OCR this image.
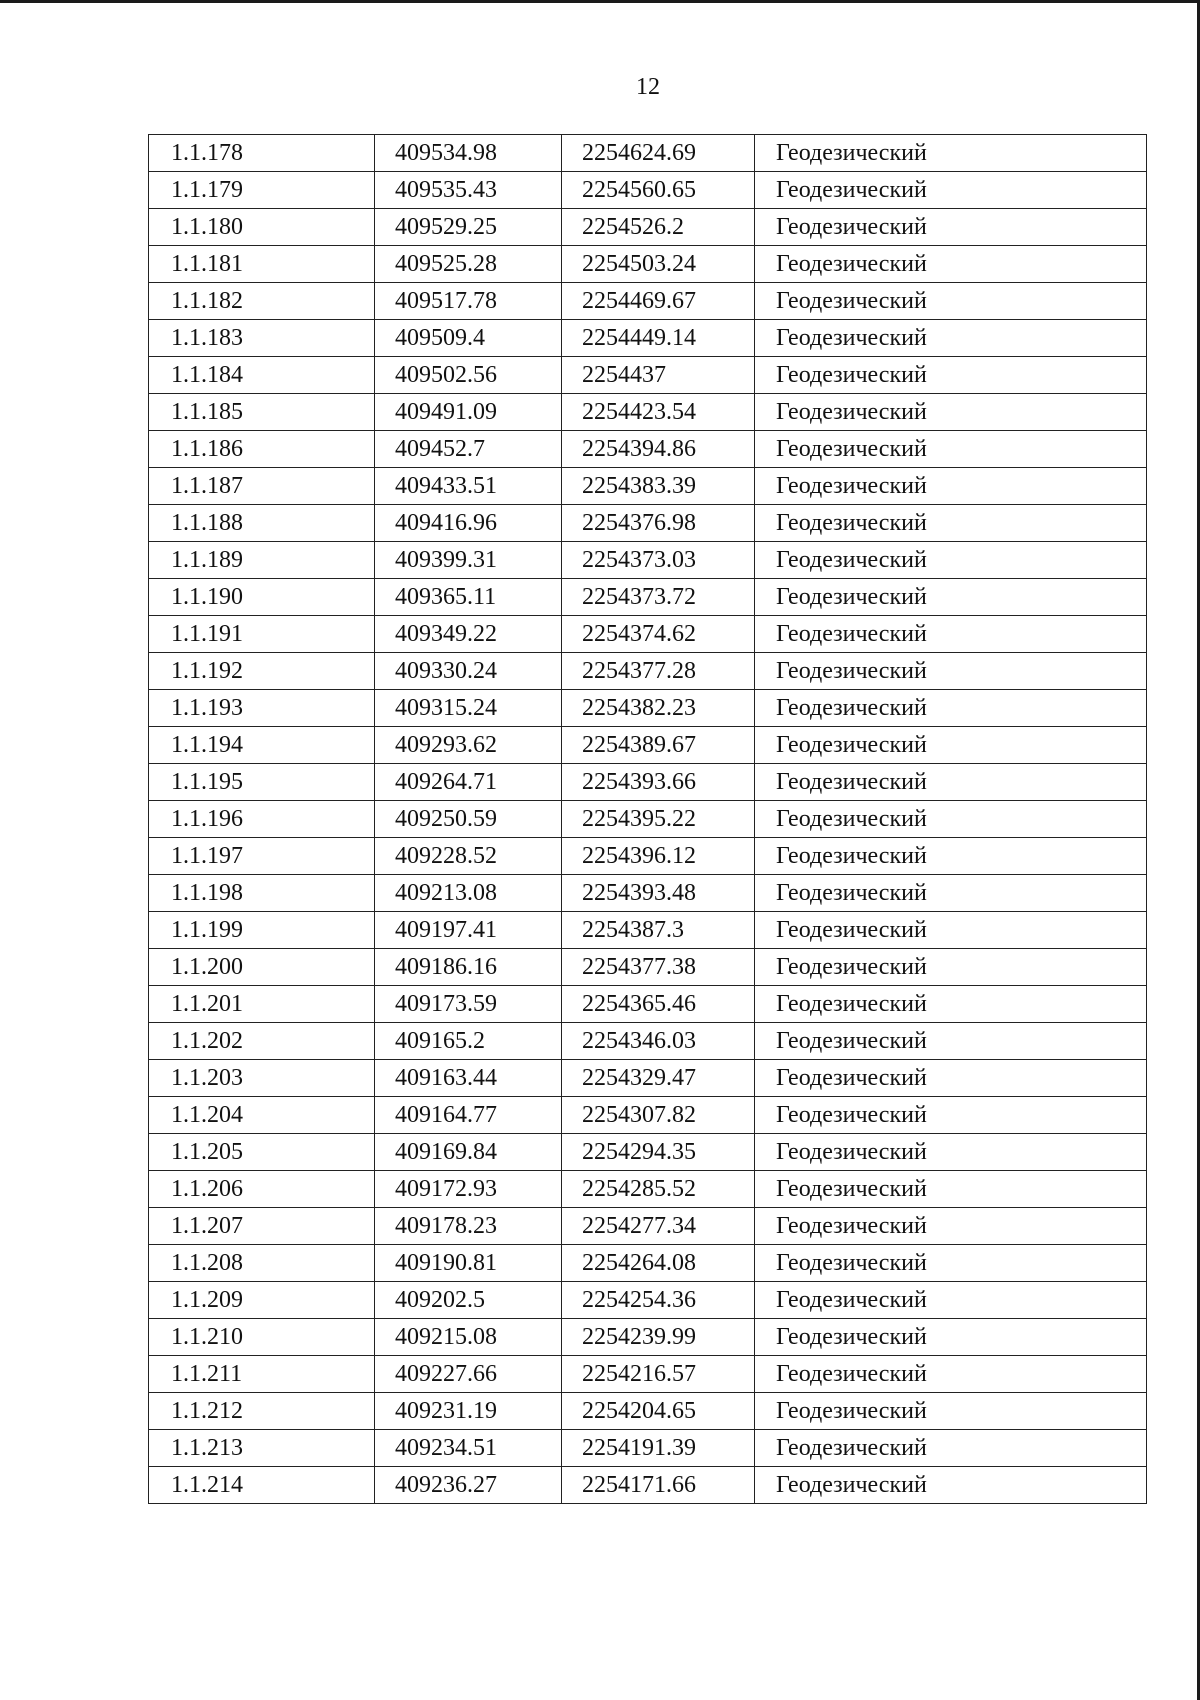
12
1.1.178	409534.98	2254624.69	Геодезический
1.1.179	409535.43	2254560.65	Геодезический
1.1.180	409529.25	2254526.2	Геодезический
1.1.181	409525.28	2254503.24	Геодезический
1.1.182	409517.78	2254469.67	Геодезический
1.1.183	409509.4	2254449.14	Геодезический
1.1.184	409502.56	2254437	Геодезический
1.1.185	409491.09	2254423.54	Геодезический
1.1.186	409452.7	2254394.86	Геодезический
1.1.187	409433.51	2254383.39	Геодезический
1.1.188	409416.96	2254376.98	Геодезический
1.1.189	409399.31	2254373.03	Геодезический
1.1.190	409365.11	2254373.72	Геодезический
1.1.191	409349.22	2254374.62	Геодезический
1.1.192	409330.24	2254377.28	Геодезический
1.1.193	409315.24	2254382.23	Геодезический
1.1.194	409293.62	2254389.67	Геодезический
1.1.195	409264.71	2254393.66	Геодезический
1.1.196	409250.59	2254395.22	Геодезический
1.1.197	409228.52	2254396.12	Геодезический
1.1.198	409213.08	2254393.48	Геодезический
1.1.199	409197.41	2254387.3	Геодезический
1.1.200	409186.16	2254377.38	Геодезический
1.1.201	409173.59	2254365.46	Геодезический
1.1.202	409165.2	2254346.03	Геодезический
1.1.203	409163.44	2254329.47	Геодезический
1.1.204	409164.77	2254307.82	Геодезический
1.1.205	409169.84	2254294.35	Геодезический
1.1.206	409172.93	2254285.52	Геодезический
1.1.207	409178.23	2254277.34	Геодезический
1.1.208	409190.81	2254264.08	Геодезический
1.1.209	409202.5	2254254.36	Геодезический
1.1.210	409215.08	2254239.99	Геодезический
1.1.211	409227.66	2254216.57	Геодезический
1.1.212	409231.19	2254204.65	Геодезический
1.1.213	409234.51	2254191.39	Геодезический
1.1.214	409236.27	2254171.66	Геодезический
